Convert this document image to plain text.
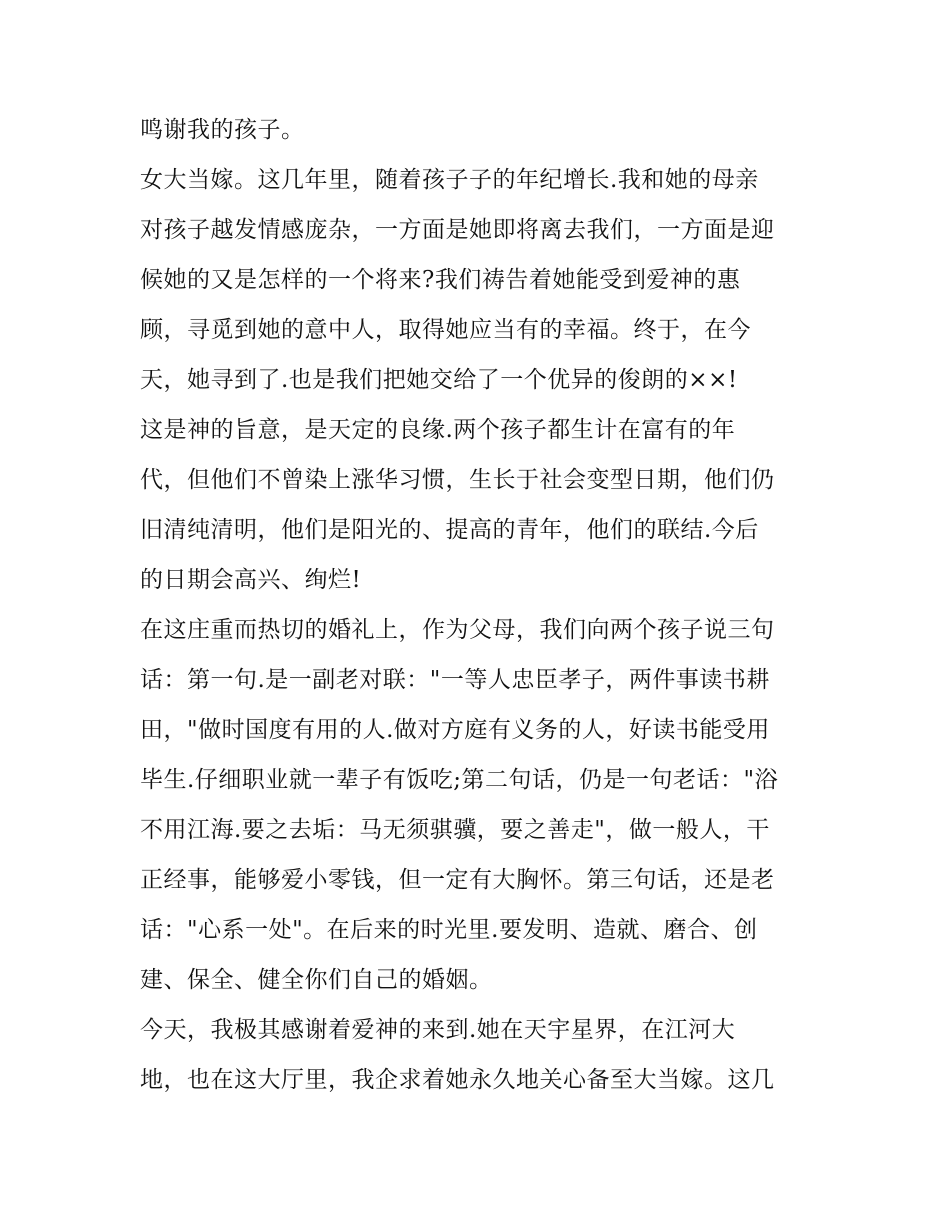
鸣谢我的孩子。
女大当嫁。这几年里，随着孩子子的年纪增长.我和她的母亲
对孩子越发情感庞杂，一方面是她即将离去我们，一方面是迎
候她的又是怎样的一个将来?我们祷告着她能受到爱神的惠
顾，寻觅到她的意中人，取得她应当有的幸福。终于，在今
天，她寻到了.也是我们把她交给了一个优异的俊朗的××!
这是神的旨意，是天定的良缘.两个孩子都生计在富有的年
代，但他们不曾染上涨华习惯，生长于社会变型日期，他们仍
旧清纯清明，他们是阳光的、提高的青年，他们的联结.今后
的日期会高兴、绚烂!
在这庄重而热切的婚礼上，作为父母，我们向两个孩子说三句
话：第一句.是一副老对联："一等人忠臣孝子，两件事读书耕
田，"做时国度有用的人.做对方庭有义务的人，好读书能受用
毕生.仔细职业就一辈子有饭吃;第二句话，仍是一句老话："浴
不用江海.要之去垢：马无须骐骥，要之善走"，做一般人，干
正经事，能够爱小零钱，但一定有大胸怀。第三句话，还是老
话："心系一处"。在后来的时光里.要发明、造就、磨合、创
建、保全、健全你们自己的婚姻。
今天，我极其感谢着爱神的来到.她在天宇星界，在江河大
地，也在这大厅里，我企求着她永久地关心备至大当嫁。这几
